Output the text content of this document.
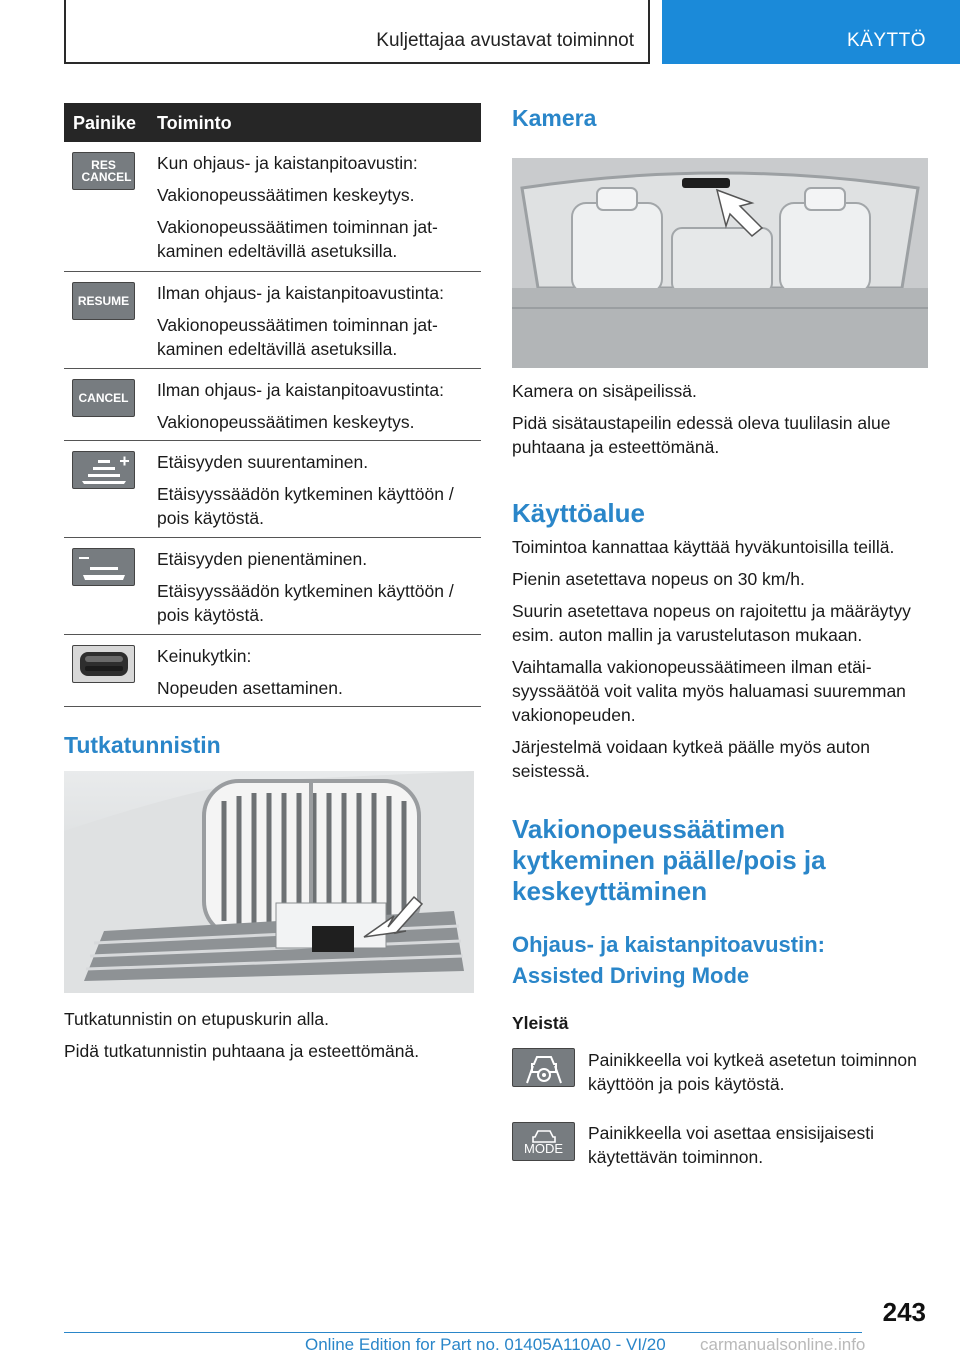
Kuljettajaa avustavat toiminnot	KÄYTTÖ
Painike Toiminto
RES CANCEL

Kun ohjaus- ja kaistanpitoavustin:

Vakionopeussäätimen keskeytys.

Vakionopeussäätimen toiminnan jatkaminen edeltävillä asetuksilla.

RESUME Ilman ohjaus- ja kaistanpitoavustinta:

Vakionopeussäätimen toiminnan jatkaminen edeltävillä asetuksilla.

CANCEL Ilman ohjaus- ja kaistanpitoavustinta:

Vakionopeussäätimen keskeytys.

Etäisyyden suurentaminen.

Etäisyyssäädön kytkeminen käyttöön / pois käytöstä.

Etäisyyden pienentäminen.

Etäisyyssäädön kytkeminen käyttöön / pois käytöstä.

Keinukytkin:

Nopeuden asettaminen.

Tutkatunnistin

Tutkatunnistin on etupuskurin alla.

Pidä tutkatunnistin puhtaana ja esteettömänä.

Kamera

Kamera on sisäpeilissä.

Pidä sisätaustapeilin edessä oleva tuulilasin alue puhtaana ja esteettömänä.

Käyttöalue

Toimintoa kannattaa käyttää hyväkuntoisilla teillä.

Pienin asetettava nopeus on 30 km/h.

Suurin asetettava nopeus on rajoitettu ja määräytyy esim. auton mallin ja varustelutason mukaan.

Vaihtamalla vakionopeussäätimeen ilman etäisyyssäätöä voit valita myös haluamasi suuremman vakionopeuden.

Järjestelmä voidaan kytkeä päälle myös auton seistessä.

Vakionopeussäätimen kytkeminen päälle/pois ja keskeyttäminen
Ohjaus- ja kaistanpitoavustin: Assisted Driving Mode
Yleistä
Painikkeella voi kytkeä asetetun toiminnon käyttöön ja pois käytöstä.
MODE
Painikkeella voi asettaa ensisijaisesti käytettävän toiminnon.
243
Online Edition for Part no. 01405A110A0 - VI/20 carmanualsonline.info
